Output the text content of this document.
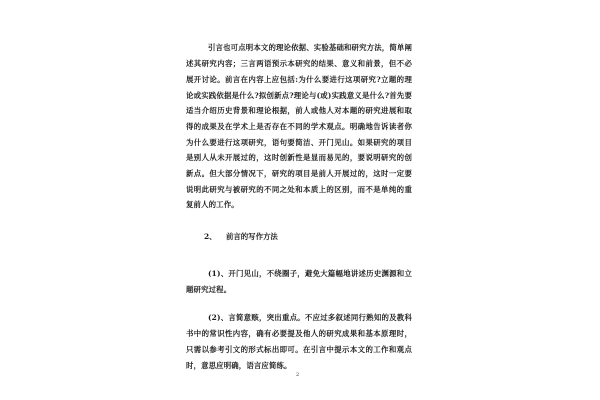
引言也可点明本文的理论依据、实验基础和研究方法，简单阐述其研究内容；三言两语预示本研究的结果、意义和前景，但不必展开讨论。前言在内容上应包括:为什么要进行这项研究?立题的理论或实践依据是什么?拟创新点?理论与(或)实践意义是什么?首先要适当介绍历史背景和理论根据，前人或他人对本题的研究进展和取得的成果及在学术上是否存在不同的学术观点。明确地告诉读者你为什么要进行这项研究，语句要简洁、开门见山。如果研究的项目是别人从未开展过的，这时创新性是显而易见的，要说明研究的创新点。但大部分情况下，研究的项目是前人开展过的，这时一定要说明此研究与被研究的不同之处和本质上的区别，而不是单纯的重复前人的工作。

2、 前言的写作方法

(1)、开门见山，不绕圈子，避免大篇幅地讲述历史渊源和立题研究过程。

(2)、言简意赅，突出重点。不应过多叙述同行熟知的及教科书中的常识性内容，确有必要提及他人的研究成果和基本原理时，只需以参考引文的形式标出即可。在引言中提示本文的工作和观点时，意思应明确，语言应简练。

2
